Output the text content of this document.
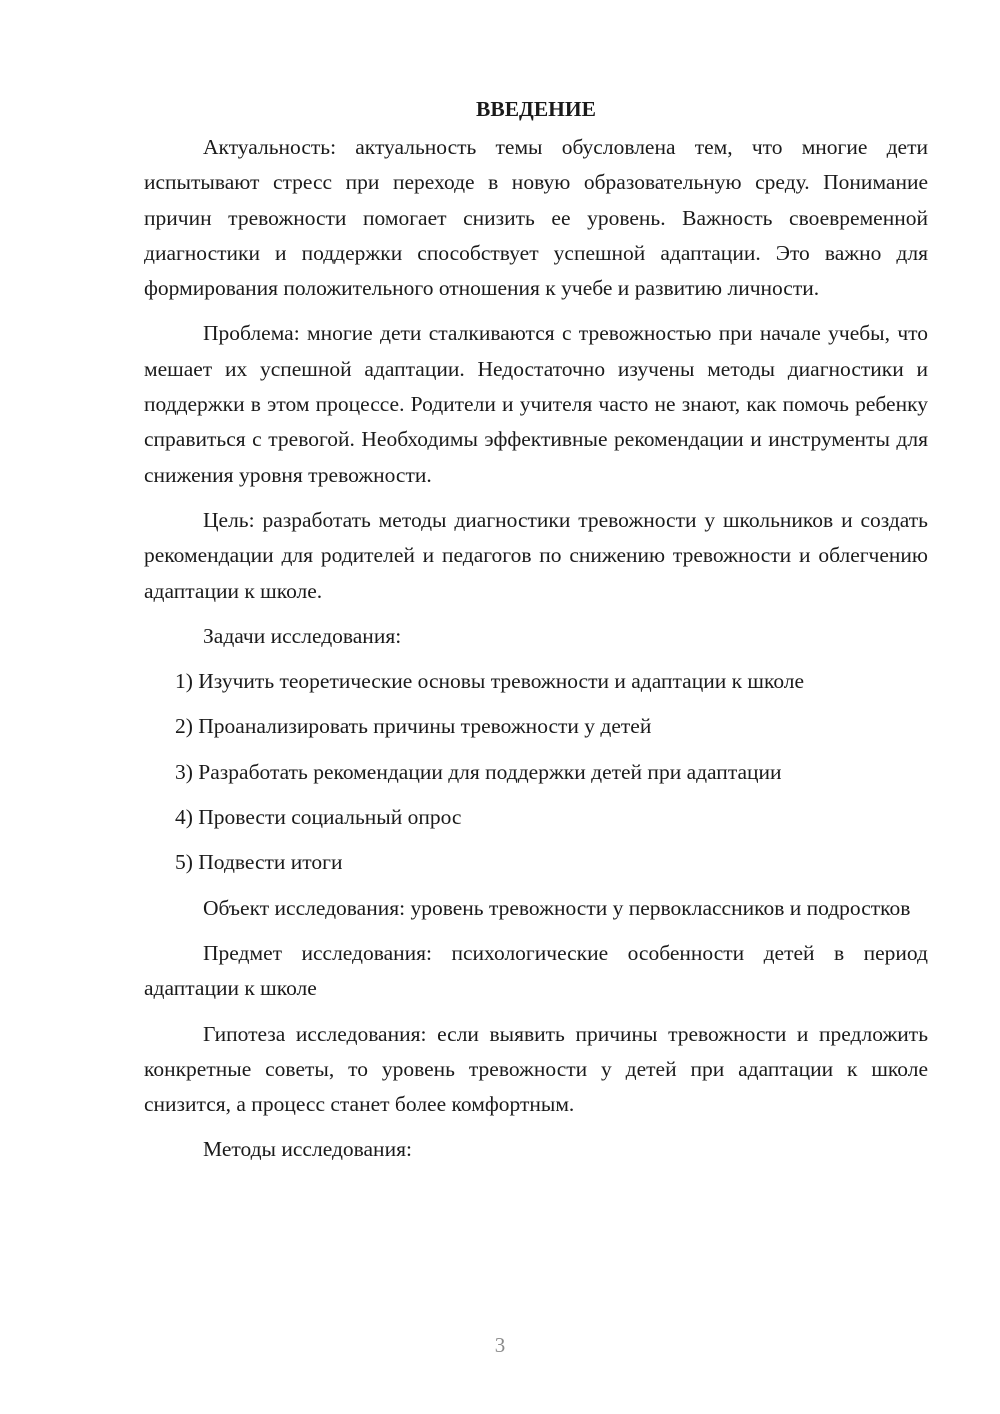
ВВЕДЕНИЕ

Актуальность: актуальность темы обусловлена тем, что многие дети испытывают стресс при переходе в новую образовательную среду. Понимание причин тревожности помогает снизить ее уровень. Важность своевременной диагностики и поддержки способствует успешной адаптации. Это важно для формирования положительного отношения к учебе и развитию личности.

Проблема: многие дети сталкиваются с тревожностью при начале учебы, что мешает их успешной адаптации. Недостаточно изучены методы диагностики и поддержки в этом процессе. Родители и учителя часто не знают, как помочь ребенку справиться с тревогой. Необходимы эффективные рекомендации и инструменты для снижения уровня тревожности.

Цель: разработать методы диагностики тревожности у школьников и создать рекомендации для родителей и педагогов по снижению тревожности и облегчению адаптации к школе.

Задачи исследования:

1) Изучить теоретические основы тревожности и адаптации к школе

2) Проанализировать причины тревожности у детей

3) Разработать рекомендации для поддержки детей при адаптации

4) Провести социальный опрос

5) Подвести итоги

Объект исследования: уровень тревожности у первоклассников и подростков

Предмет исследования: психологические особенности детей в период адаптации к школе

Гипотеза исследования: если выявить причины тревожности и предложить конкретные советы, то уровень тревожности у детей при адаптации к школе снизится, а процесс станет более комфортным.

Методы исследования:

3
